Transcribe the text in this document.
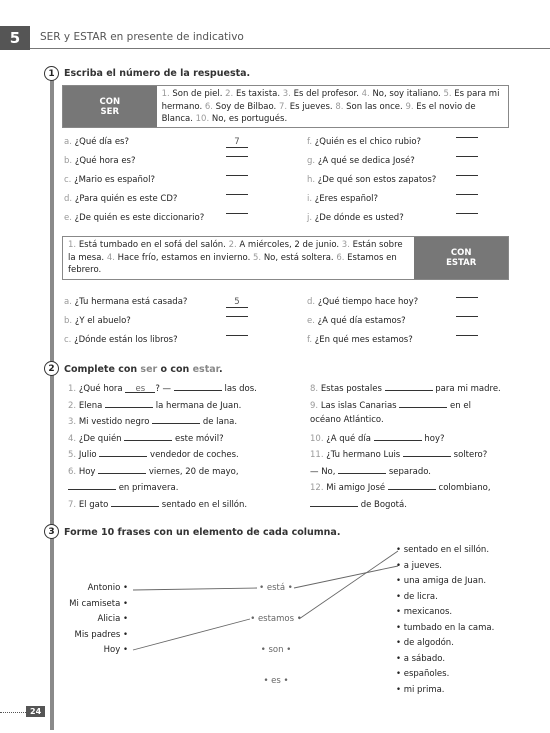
5	SER y ESTAR en presente de indicativo
1 Escriba el número de la respuesta.
CON
SER
1. Son de piel. 2. Es taxista. 3. Es del profesor. 4. No, soy italiano. 5. Es para mi hermano. 6. Soy de Bilbao. 7. Es jueves. 8. Son las once. 9. Es el novio de Blanca. 10. No, es portugués.
a. ¿Qué día es?	7
b. ¿Qué hora es?
c. ¿Mario es español?
d. ¿Para quién es este CD?
e. ¿De quién es este diccionario?
f. ¿Quién es el chico rubio?
g. ¿A qué se dedica José?
h. ¿De qué son estos zapatos?
i. ¿Eres español?
j. ¿De dónde es usted?
1. Está tumbado en el sofá del salón. 2. A miércoles, 2 de junio. 3. Están sobre la mesa. 4. Hace frío, estamos en invierno. 5. No, está soltera. 6. Estamos en febrero.
CON
ESTAR
a. ¿Tu hermana está casada?	5
b. ¿Y el abuelo?
c. ¿Dónde están los libros?
d. ¿Qué tiempo hace hoy?
e. ¿A qué día estamos?
f. ¿En qué mes estamos?
2 Complete con ser o con estar.
1. ¿Qué hora es ? —	las dos.
2. Elena	la hermana de Juan.
3. Mi vestido negro	de lana.
4. ¿De quién	este móvil?
5. Julio	vendedor de coches.
6. Hoy	viernes, 20 de mayo,
en primavera.
7. El gato	sentado en el sillón.
8. Estas postales	para mi madre.
9. Las islas Canarias	en el
océano Atlántico.
10. ¿A qué día	hoy?
11. ¿Tu hermano Luis	soltero?
— No,	separado.
12. Mi amigo José	colombiano,
de Bogotá.
3 Forme 10 frases con un elemento de cada columna.
Antonio •
Mi camiseta •
Alicia •
Mis padres •
Hoy •
• está •
• estamos •
• son •
• es •
• sentado en el sillón.
• a jueves.
• una amiga de Juan.
• de licra.
• mexicanos.
• tumbado en la cama.
• de algodón.
• a sábado.
• españoles.
• mi prima.
24
